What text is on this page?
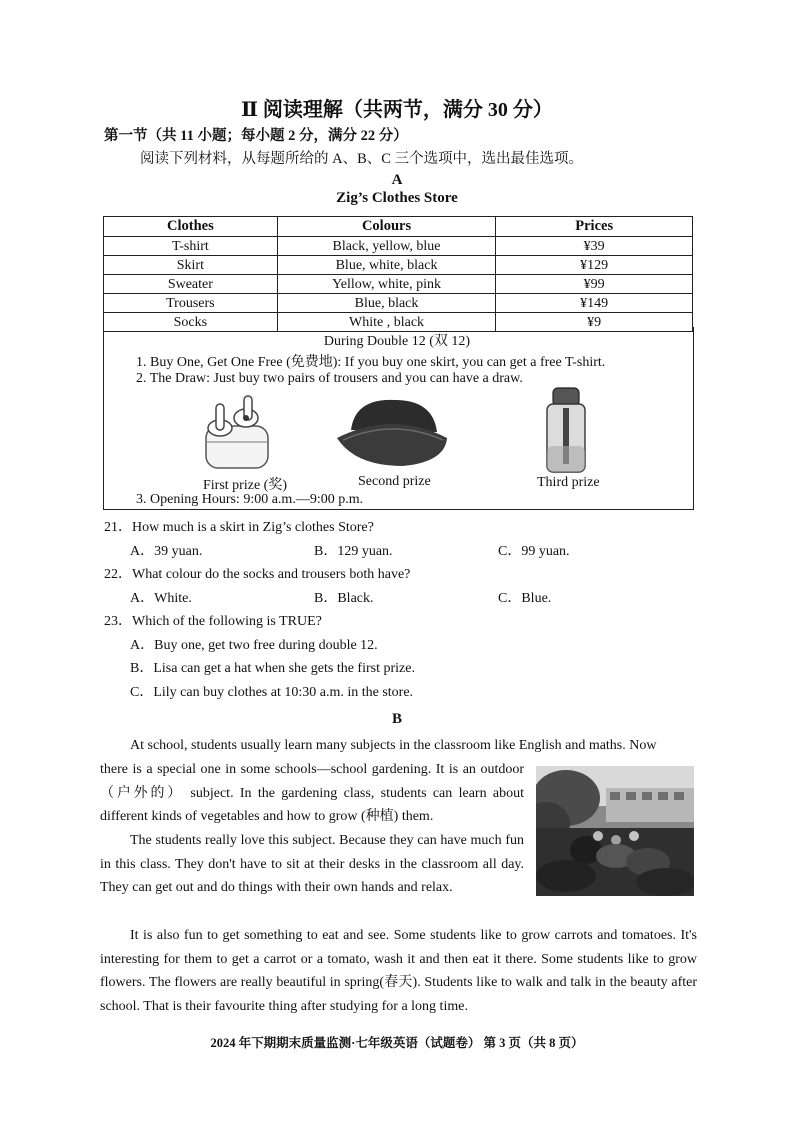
Ⅱ 阅读理解（共两节，满分 30 分）
第一节（共 11 小题；每小题 2 分，满分 22 分）
阅读下列材料，从每题所给的 A、B、C 三个选项中，选出最佳选项。
A
Zig’s Clothes Store
Clothes	Colours	Prices
T-shirt	Black, yellow, blue	¥39
Skirt	Blue, white, black	¥129
Sweater	Yellow, white, pink	¥99
Trousers	Blue, black	¥149
Socks	White , black	¥9
During Double 12 (双 12)
1. Buy One, Get One Free (免费地): If you buy one skirt, you can get a free T-shirt.
2. The Draw: Just buy two pairs of trousers and you can have a draw.
First prize (奖)	Second prize	Third prize
3. Opening Hours: 9:00 a.m.—9:00 p.m.
21．How much is a skirt in Zig’s clothes Store?
A．39 yuan.	B．129 yuan.	C．99 yuan.
22．What colour do the socks and trousers both have?
A．White.	B．Black.	C．Blue.
23．Which of the following is TRUE?
A．Buy one, get two free during double 12.
B．Lisa can get a hat when she gets the first prize.
C．Lily can buy clothes at 10:30 a.m. in the store.
B
At school, students usually learn many subjects in the classroom like English and maths. Now
there is a special one in some schools—school gardening. It is an outdoor（户外的） subject. In the gardening class, students can learn about different kinds of vegetables and how to grow (种植) them.
The students really love this subject. Because they can have much fun in this class. They don't have to sit at their desks in the classroom all day. They can get out and do things with their own hands and relax.
It is also fun to get something to eat and see. Some students like to grow carrots and tomatoes. It's interesting for them to get a carrot or a tomato, wash it and then eat it there. Some students like to grow flowers. The flowers are really beautiful in spring(春天). Students like to walk and talk in the beauty after school. That is their favourite thing after studying for a long time.
2024 年下期期末质量监测·七年级英语（试题卷） 第 3 页（共 8 页）
